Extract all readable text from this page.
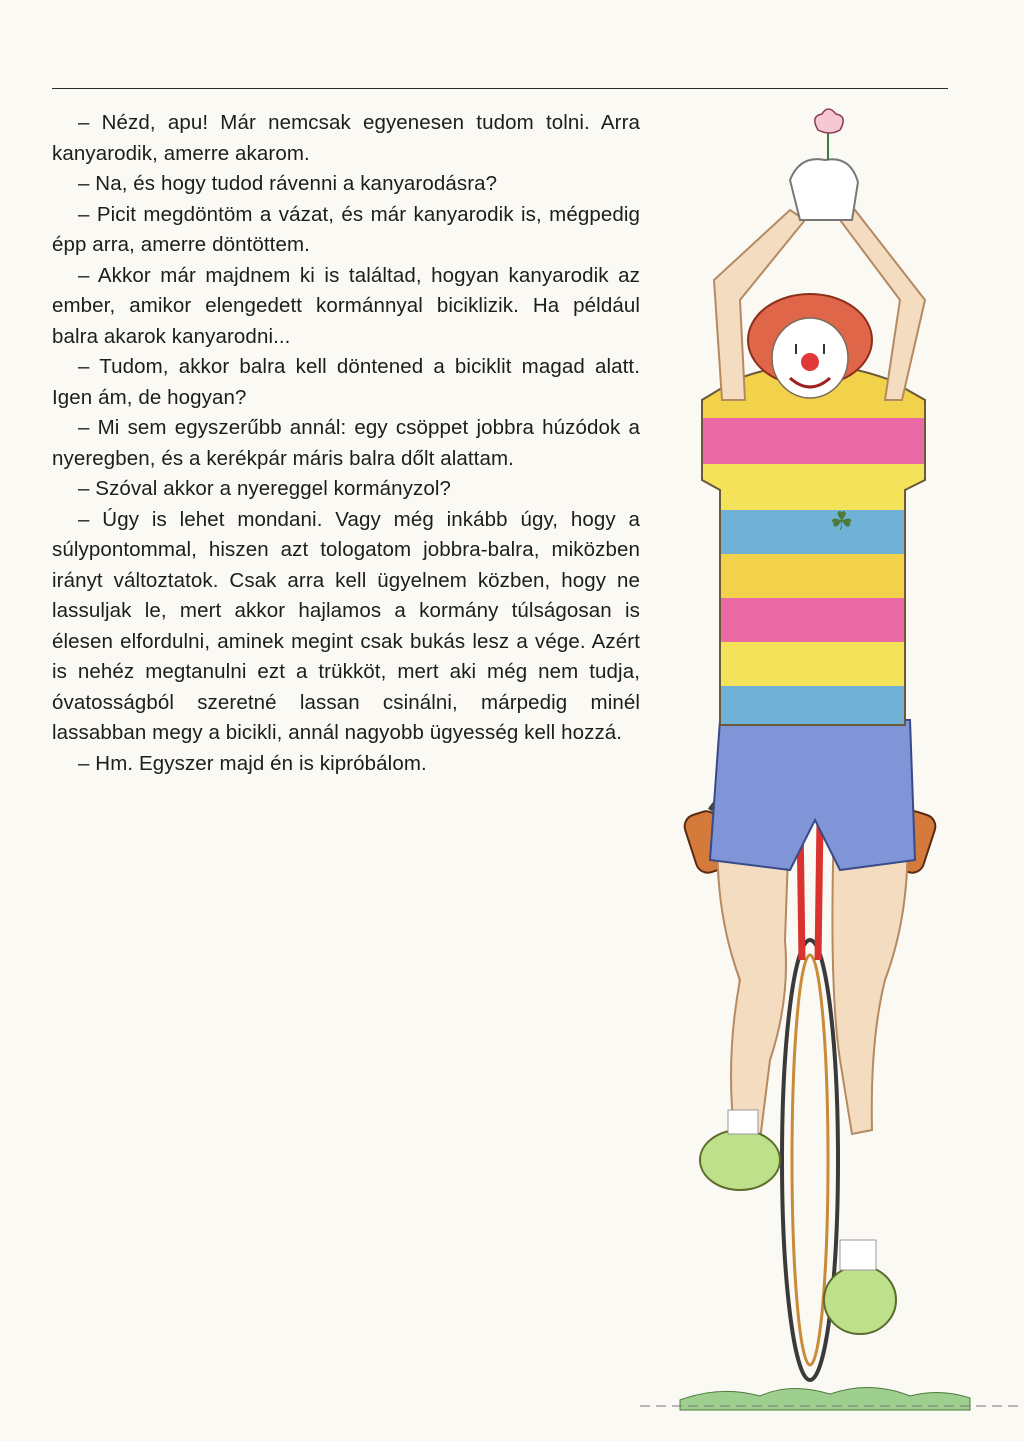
– Nézd, apu! Már nemcsak egyenesen tudom tolni. Arra kanyarodik, amerre akarom.

– Na, és hogy tudod rávenni a kanyarodásra?

– Picit megdöntöm a vázat, és már kanyarodik is, mégpedig épp arra, amerre döntöttem.

– Akkor már majdnem ki is találtad, hogyan kanyarodik az ember, amikor elengedett kormánnyal biciklizik. Ha például balra akarok kanyarodni...

– Tudom, akkor balra kell döntened a biciklit magad alatt. Igen ám, de hogyan?

– Mi sem egyszerűbb annál: egy csöppet jobbra húzódok a nyeregben, és a kerékpár máris balra dőlt alattam.

– Szóval akkor a nyereggel kormányzol?

– Úgy is lehet mondani. Vagy még inkább úgy, hogy a súlypontommal, hiszen azt tologatom jobbra-balra, miközben irányt változtatok. Csak arra kell ügyelnem közben, hogy ne lassuljak le, mert akkor hajlamos a kormány túlságosan is élesen elfordulni, aminek megint csak bukás lesz a vége. Azért is nehéz megtanulni ezt a trükköt, mert aki még nem tudja, óvatosságból szeretné lassan csinálni, márpedig minél lassabban megy a bicikli, annál nagyobb ügyesség kell hozzá.

– Hm. Egyszer majd én is kipróbálom.

☘
